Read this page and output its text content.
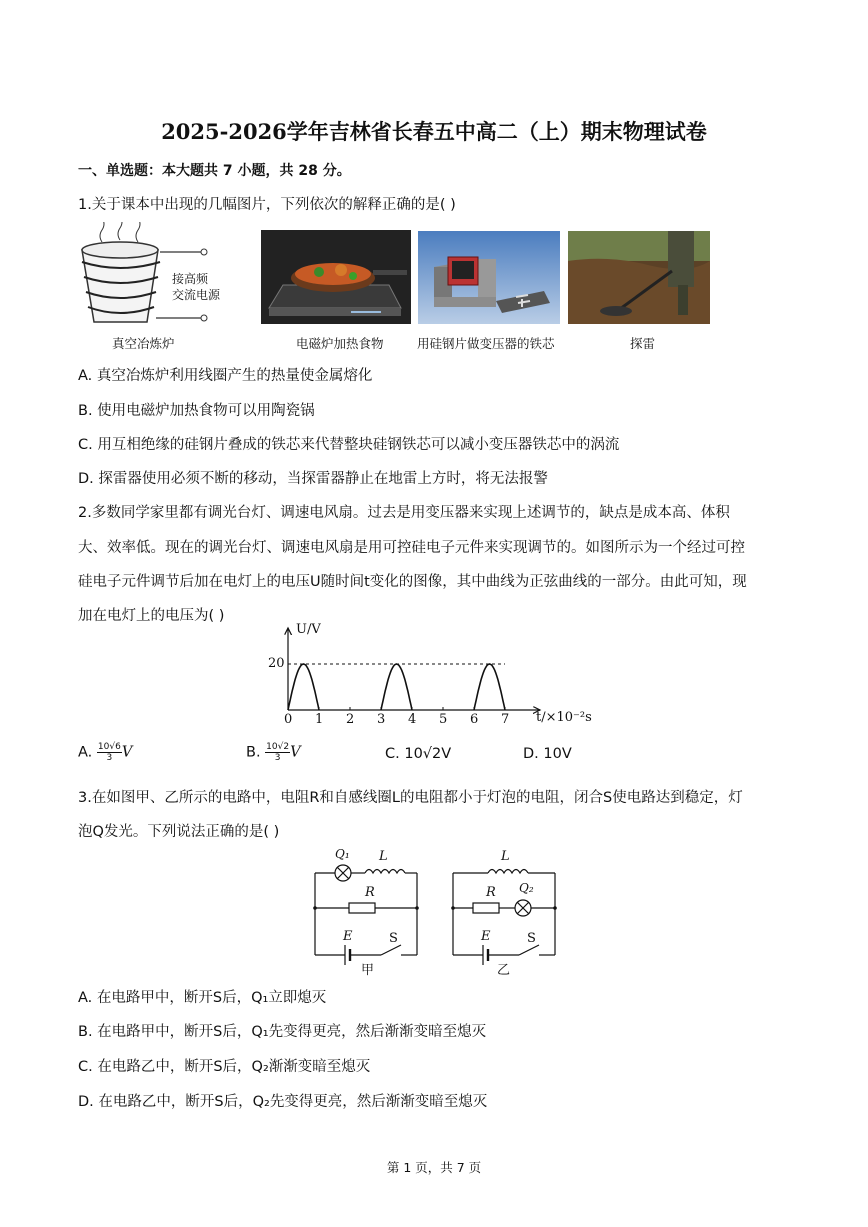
2025-2026学年吉林省长春五中高二（上）期末物理试卷
一、单选题：本大题共 7 小题，共 28 分。
1.关于课本中出现的几幅图片，下列依次的解释正确的是( )
接高频
交流电源
真空冶炼炉	电磁炉加热食物	用硅钢片做变压器的铁芯	探雷
A. 真空冶炼炉利用线圈产生的热量使金属熔化
B. 使用电磁炉加热食物可以用陶瓷锅
C. 用互相绝缘的硅钢片叠成的铁芯来代替整块硅钢铁芯可以减小变压器铁芯中的涡流
D. 探雷器使用必须不断的移动，当探雷器静止在地雷上方时，将无法报警
2.多数同学家里都有调光台灯、调速电风扇。过去是用变压器来实现上述调节的，缺点是成本高、体积
大、效率低。现在的调光台灯、调速电风扇是用可控硅电子元件来实现调节的。如图所示为一个经过可控
硅电子元件调节后加在电灯上的电压U随时间t变化的图像，其中曲线为正弦曲线的一部分。由此可知，现
加在电灯上的电压为( )
U/V
20
t/×10⁻²s
0 1 2 3 4 5 6 7
A. $\frac{10√6}{3}$ V	B. $\frac{10√2}{3}$ V	C. 10√2V	D. 10V
3.在如图甲、乙所示的电路中，电阻R和自感线圈L的电阻都小于灯泡的电阻，闭合S使电路达到稳定，灯
泡Q发光。下列说法正确的是( )
Q₁ L
R
E	S
甲
L
R Q₂
E	S
乙
A. 在电路甲中，断开S后，Q₁立即熄灭
B. 在电路甲中，断开S后，Q₁先变得更亮，然后渐渐变暗至熄灭
C. 在电路乙中，断开S后，Q₂渐渐变暗至熄灭
D. 在电路乙中，断开S后，Q₂先变得更亮，然后渐渐变暗至熄灭
第 1 页，共 7 页
